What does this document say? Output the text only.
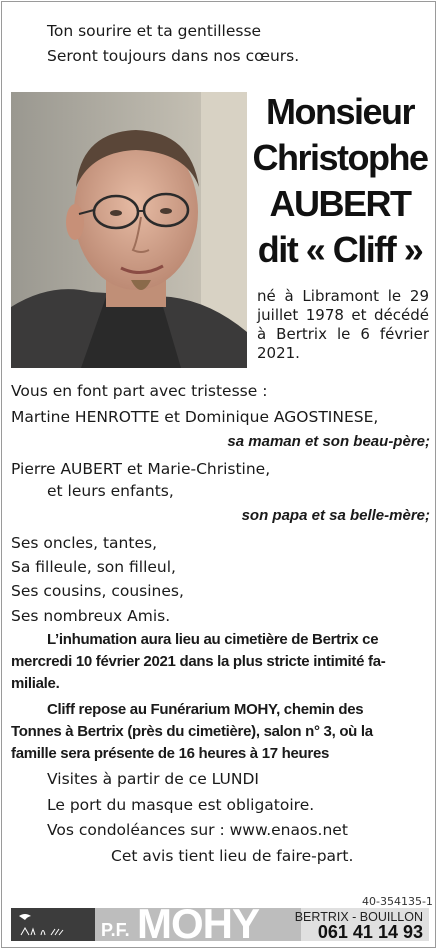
Ton sourire et ta gentillesse
Seront toujours dans nos cœurs.
Monsieur
Christophe
AUBERT
dit « Cliff »
né à Libramont le 29 juillet 1978 et décédé à Bertrix le 6 février 2021.
Vous en font part avec tristesse :
Martine HENROTTE et Dominique AGOSTINESE,
sa maman et son beau-père;
Pierre AUBERT et Marie-Christine,
et leurs enfants,
son papa et sa belle-mère;
Ses oncles, tantes,
Sa filleule, son filleul,
Ses cousins, cousines,
Ses nombreux Amis.
L’inhumation aura lieu au cimetière de Bertrix ce
mercredi 10 février 2021 dans la plus stricte intimité fa-
miliale.
Cliff repose au Funérarium MOHY, chemin des
Tonnes à Bertrix (près du cimetière), salon n° 3, où la
famille sera présente de 16 heures à 17 heures
Visites à partir de ce LUNDI
Le port du masque est obligatoire.
Vos condoléances sur : www.enaos.net
Cet avis tient lieu de faire-part.
40-354135-1
P.F. MOHY	BERTRIX - BOUILLON
061 41 14 93
